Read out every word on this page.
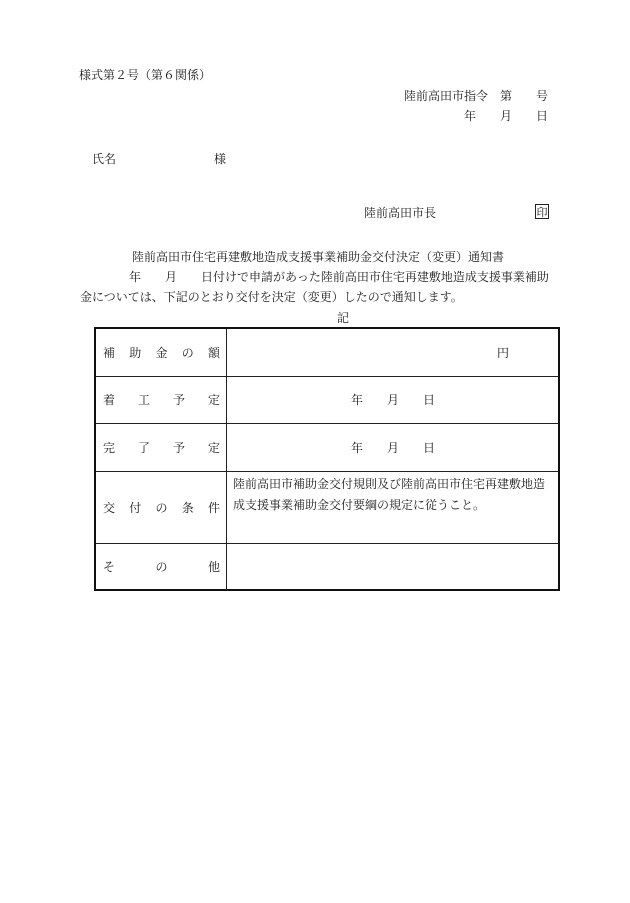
様式第２号（第６関係）
陸前高田市指令　第　　号
年　　月　　日
氏名	様
陸前高田市長	印
陸前高田市住宅再建敷地造成支援事業補助金交付決定（変更）通知書
年　　月　　日付けで申請があった陸前高田市住宅再建敷地造成支援事業補助
金については、下記のとおり交付を決定（変更）したので通知します。
記
補 助 金 の 額	円

着 工 予 定	年　　月　　日

完 了 予 定	年　　月　　日

交 付 の 条 件	陸前高田市補助金交付規則及び陸前高田市住宅再建敷地造
成支援事業補助金交付要綱の規定に従うこと。

そ の 他	
